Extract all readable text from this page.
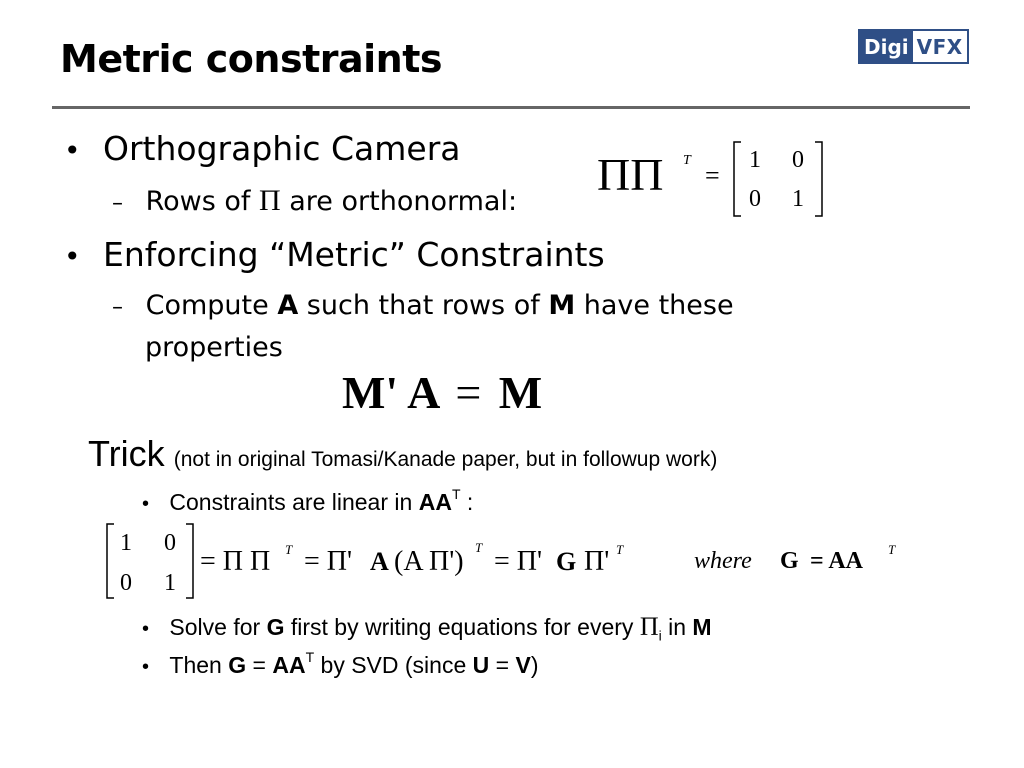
Metric constraints	Digi VFX
• Orthographic Camera
– Rows of Π are orthonormal:
ΠΠ T
=
1 0
0 1
• Enforcing “Metric” Constraints
– Compute A such that rows of M have these
properties
M' A = M
Trick (not in original Tomasi/Kanade paper, but in followup work)
• Constraints are linear in $AA^T$ :
1 0
0 1
= Π Π T = Π' A (A Π') T = Π' G Π' T	where G = AA T
• Solve for G first by writing equations for every $\Pi_i$ in M
• Then $G = AA^T$ by SVD (since U = V)
